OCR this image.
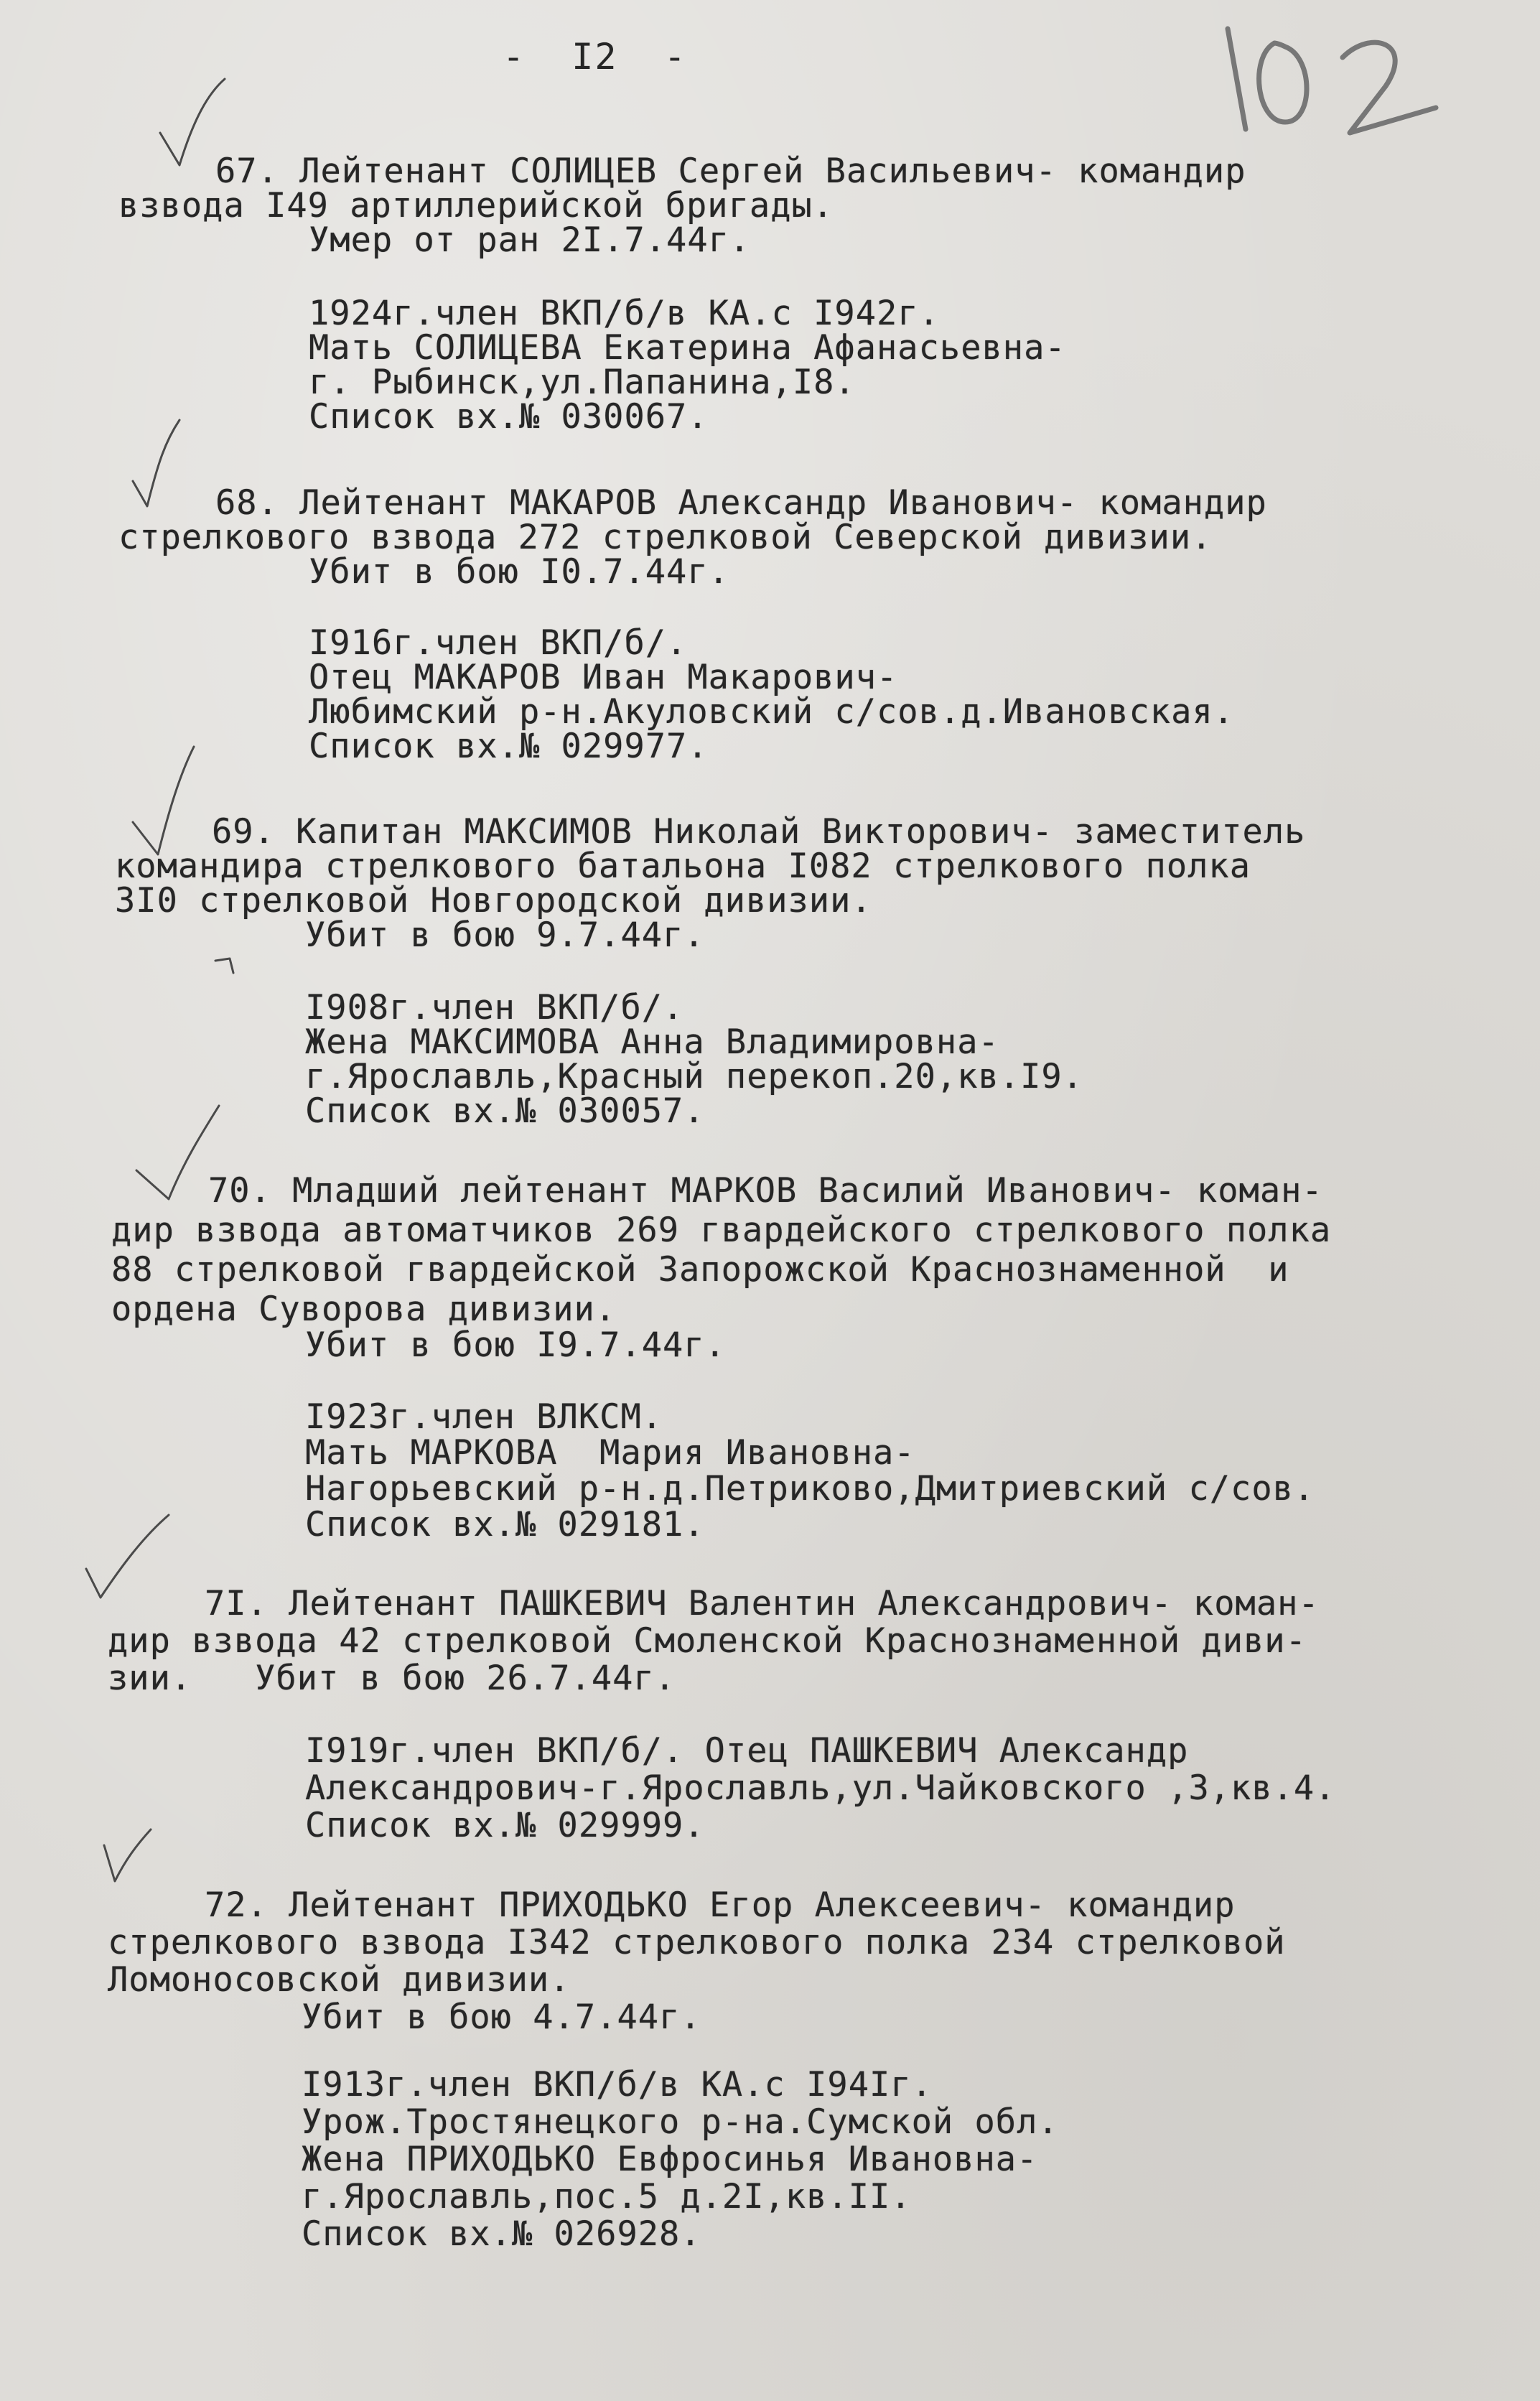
-  I2  -
67. Лейтенант СОЛИЦЕВ Сергей Васильевич- командир
взвода I49 артиллерийской бригады.
Умер от ран 2I.7.44г.
1924г.член ВКП/б/в КА.с I942г.
Мать СОЛИЦЕВА Екатерина Афанасьевна-
г. Рыбинск,ул.Папанина,I8.
Список вх.№ 030067.
68. Лейтенант МАКАРОВ Александр Иванович- командир
стрелкового взвода 272 стрелковой Северской дивизии.
Убит в бою I0.7.44г.
I916г.член ВКП/б/.
Отец МАКАРОВ Иван Макарович-
Любимский р-н.Акуловский с/сов.д.Ивановская.
Список вх.№ 029977.
69. Капитан МАКСИМОВ Николай Викторович- заместитель
командира стрелкового батальона I082 стрелкового полка
3I0 стрелковой Новгородской дивизии.
Убит в бою 9.7.44г.
I908г.член ВКП/б/.
Жена МАКСИМОВА Анна Владимировна-
г.Ярославль,Красный перекоп.20,кв.I9.
Список вх.№ 030057.
70. Младший лейтенант МАРКОВ Василий Иванович- коман-
дир взвода автоматчиков 269 гвардейского стрелкового полка
88 стрелковой гвардейской Запорожской Краснознаменной  и
ордена Суворова дивизии.
Убит в бою I9.7.44г.
I923г.член ВЛКСМ.
Мать МАРКОВА  Мария Ивановна-
Нагорьевский р-н.д.Петриково,Дмитриевский с/сов.
Список вх.№ 029181.
7I. Лейтенант ПАШКЕВИЧ Валентин Александрович- коман-
дир взвода 42 стрелковой Смоленской Краснознаменной диви-
зии.   Убит в бою 26.7.44г.
I919г.член ВКП/б/. Отец ПАШКЕВИЧ Александр
Александрович-г.Ярославль,ул.Чайковского ,3,кв.4.
Список вх.№ 029999.
72. Лейтенант ПРИХОДЬКО Егор Алексеевич- командир
стрелкового взвода I342 стрелкового полка 234 стрелковой
Ломоносовской дивизии.
Убит в бою 4.7.44г.
I913г.член ВКП/б/в КА.с I94Iг.
Урож.Тростянецкого р-на.Сумской обл.
Жена ПРИХОДЬКО Евфросинья Ивановна-
г.Ярославль,пос.5 д.2I,кв.II.
Список вх.№ 026928.
